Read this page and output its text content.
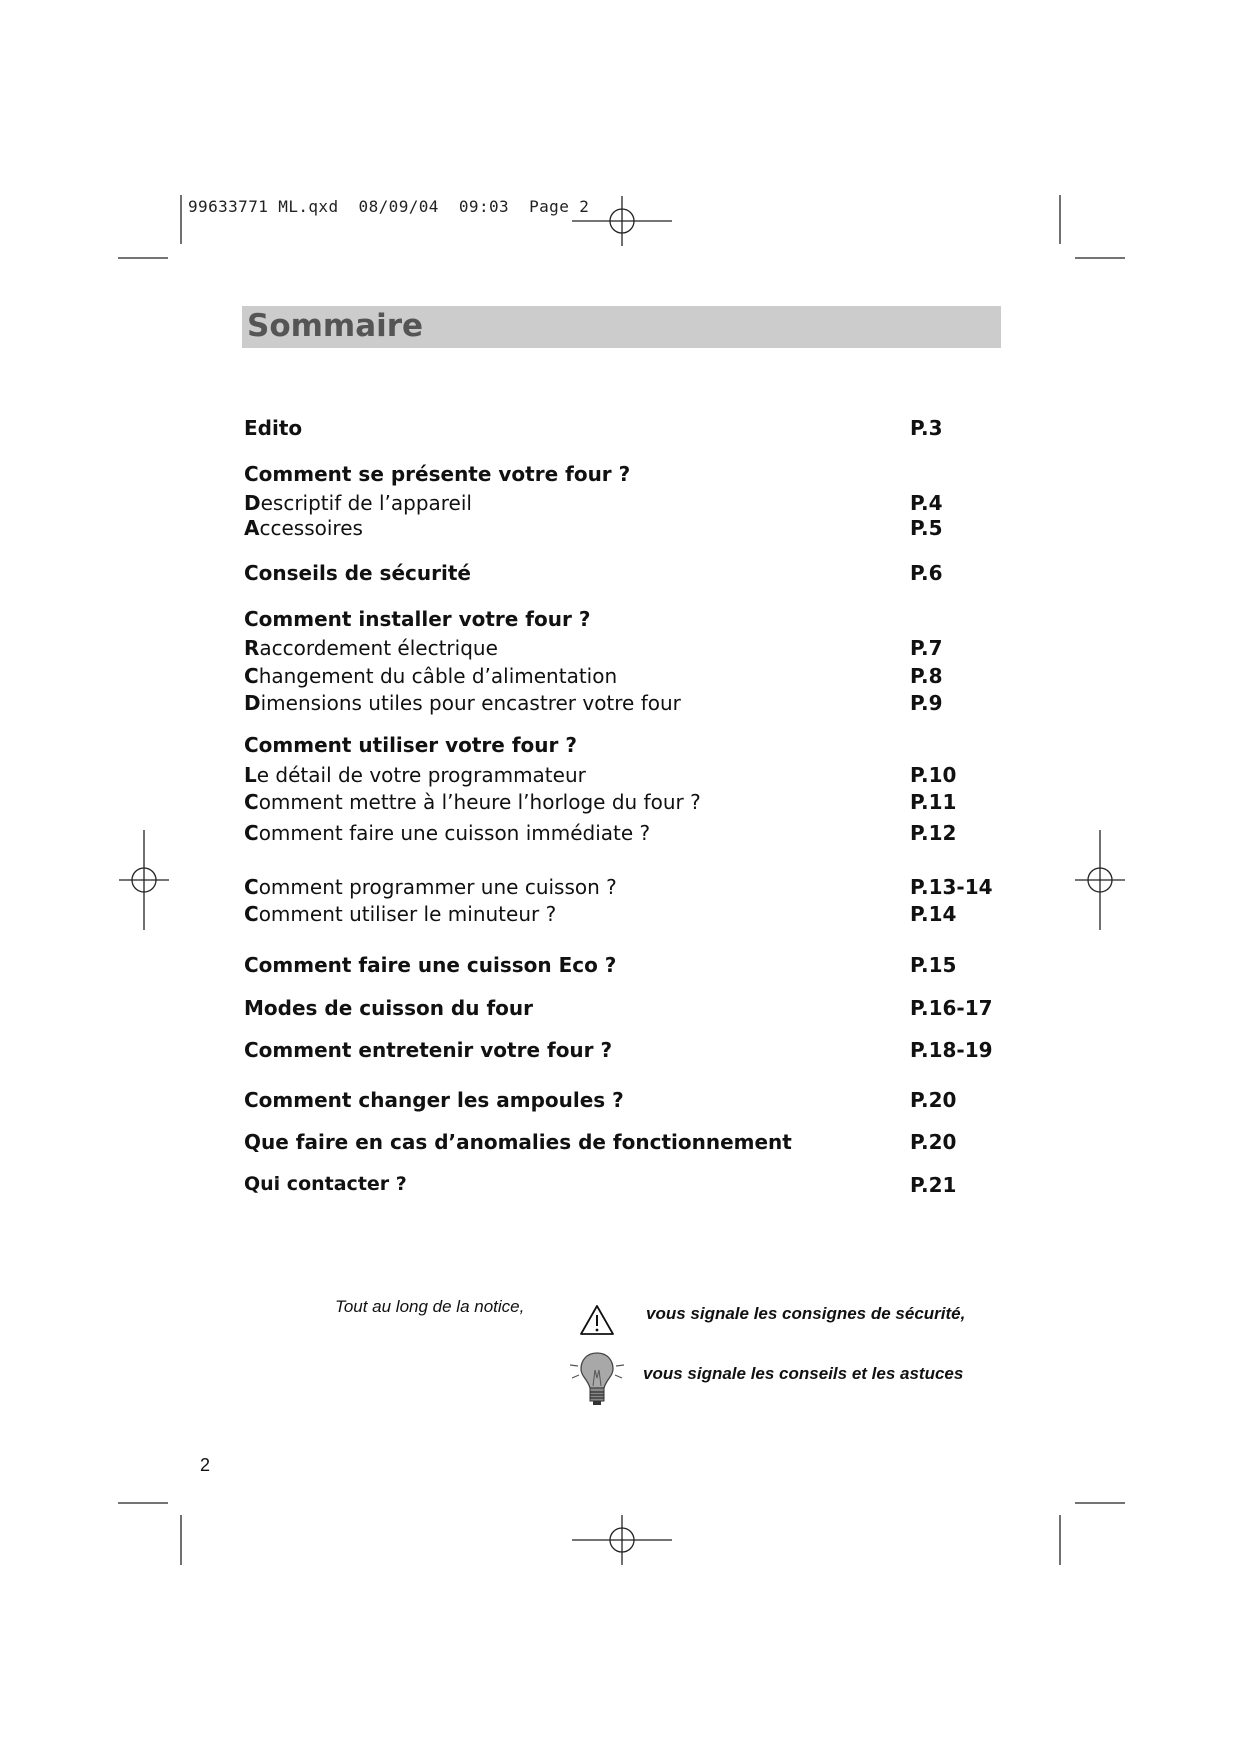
99633771 ML.qxd  08/09/04  09:03  Page 2
Sommaire
Edito	P.3
Comment se présente votre four ?
Descriptif de l’appareil	P.4
Accessoires	P.5
Conseils de sécurité	P.6
Comment installer votre four ?
Raccordement électrique	P.7
Changement du câble d’alimentation	P.8
Dimensions utiles pour encastrer votre four	P.9
Comment utiliser votre four ?
Le détail de votre programmateur	P.10
Comment mettre à l’heure l’horloge du four ?	P.11
Comment faire une cuisson immédiate ?	P.12
Comment programmer une cuisson ?	P.13-14
Comment utiliser le minuteur ?	P.14
Comment faire une cuisson Eco ?	P.15
Modes de cuisson du four	P.16-17
Comment entretenir votre four ?	P.18-19
Comment changer les ampoules ?	P.20
Que faire en cas d’anomalies de fonctionnement	P.20
Qui contacter ?	P.21
Tout au long de la notice,	vous signale les consignes de sécurité,
vous signale les conseils et les astuces
2
